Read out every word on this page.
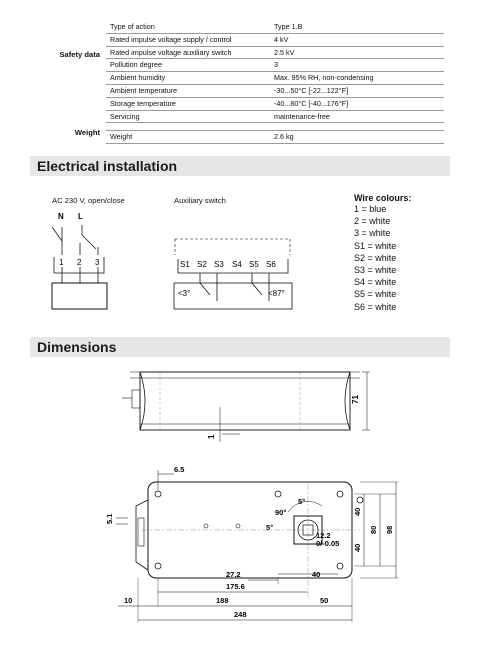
Safety data
Weight
Type of action	Type 1.B
Rated impulse voltage supply / control	4 kV
Rated impulse voltage auxiliary switch	2.5 kV
Pollution degree	3
Ambient humidity	Max. 95% RH, non-condensing
Ambient temperature	-30...50°C [-22...122°F]
Storage temperature	-40...80°C [-40...176°F]
Servicing	maintenance-free
Weight	2.6 kg
Electrical installation
AC 230 V, open/close	Auxiliary switch
N L
1 2 3	S1 S2 S3 S4 S5 S6
<3°	<87°
Wire colours:
1 = blue
2 = white
3 = white
S1 = white
S2 = white
S3 = white
S4 = white
S5 = white
S6 = white
Dimensions
71
1
5°
90°
5°
12.2
0/-0.05
6.5
5.1
40
40
80 98
27.2	40
175.6
10	188	50
248
